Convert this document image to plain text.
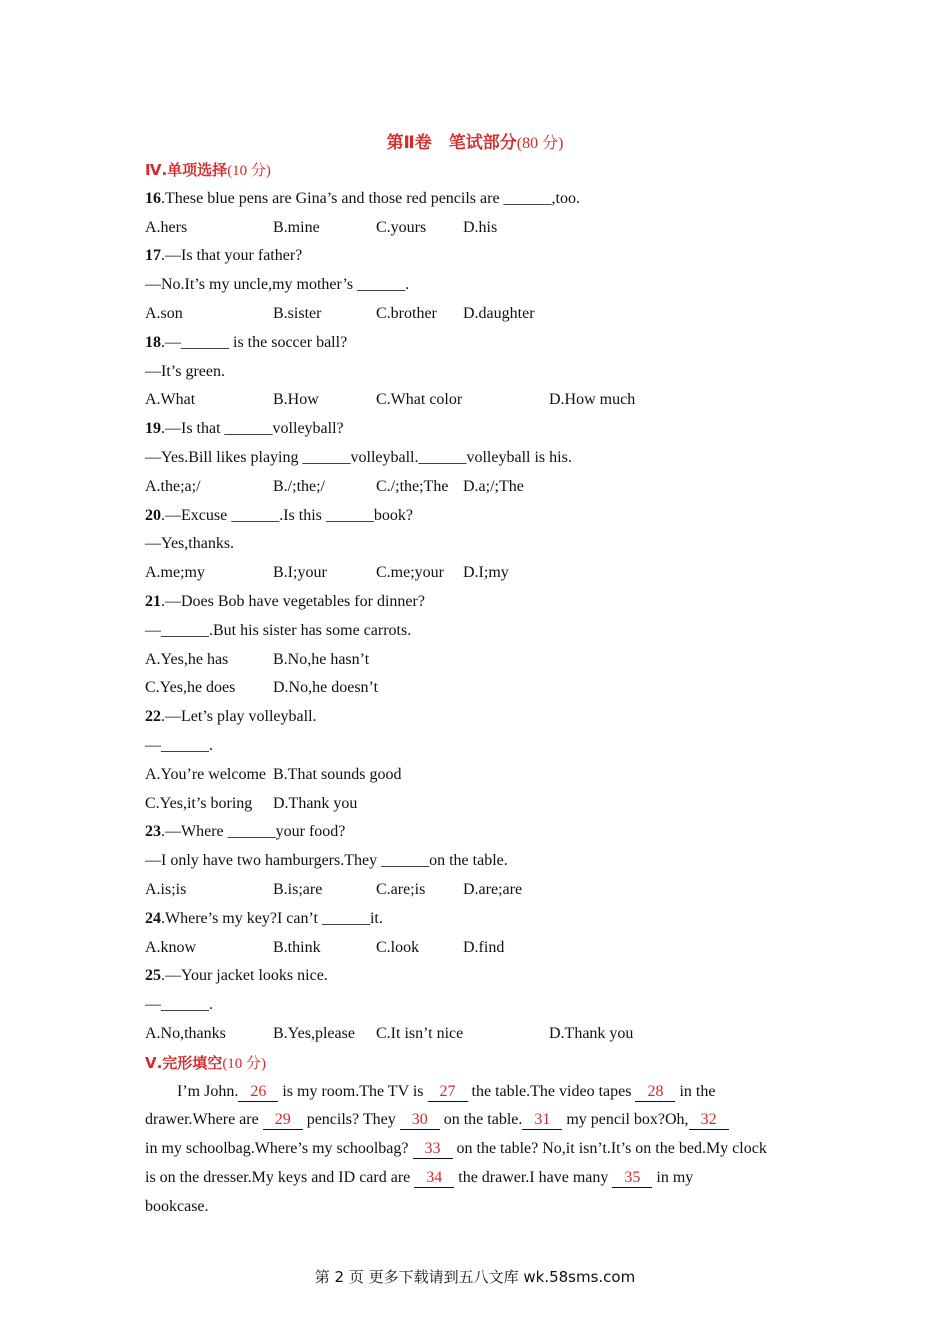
第Ⅱ卷　笔试部分(80 分)
Ⅳ.单项选择(10 分)
16.These blue pens are Gina’s and those red pencils are ______,too.
A.hers	B.mine	C.yours D.his
17.—Is that your father?
—No.It’s my uncle,my mother’s ______.
A.son	B.sister	C.brother D.daughter
18.—______ is the soccer ball?
—It’s green.
A.What	B.How	C.What color	D.How much
19.—Is that ______volleyball?
—Yes.Bill likes playing ______volleyball.______volleyball is his.
A.the;a;/	B./;the;/	C./;the;The D.a;/;The
20.—Excuse ______.Is this ______book?
—Yes,thanks.
A.me;my	B.I;your	C.me;your D.I;my
21.—Does Bob have vegetables for dinner?
—______.But his sister has some carrots.
A.Yes,he has	B.No,he hasn’t
C.Yes,he does D.No,he doesn’t
22.—Let’s play volleyball.
—______.
A.You’re welcome B.That sounds good
C.Yes,it’s boring D.Thank you
23.—Where ______your food?
—I only have two hamburgers.They ______on the table.
A.is;is	B.is;are	C.are;is D.are;are
24.Where’s my key?I can’t ______it.
A.know	B.think	C.look	D.find
25.—Your jacket looks nice.
—______.
A.No,thanks	B.Yes,please C.It isn’t nice	D.Thank you
Ⅴ.完形填空(10 分)
I’m John. 26 is my room.The TV is 27 the table.The video tapes 28 in the
drawer.Where are 29 pencils? They 30 on the table. 31 my pencil box?Oh, 32
in my schoolbag.Where’s my schoolbag? 33 on the table? No,it isn’t.It’s on the bed.My clock
is on the dresser.My keys and ID card are 34 the drawer.I have many 35 in my
bookcase.
第 2 页 更多下载请到五八文库 wk.58sms.com
